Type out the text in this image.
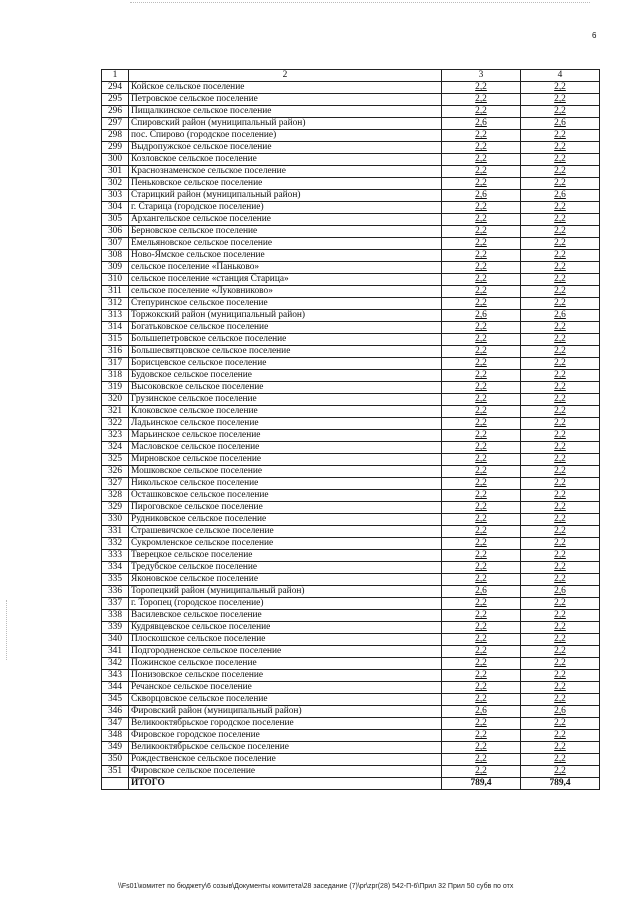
6
1	2	3	4
294	Койское сельское поселение	2,2	2,2
295	Петровское сельское поселение	2,2	2,2
296	Пищалкинское сельское поселение	2,2	2,2
297	Спировский район (муниципальный район)	2,6	2,6
298	пос. Спирово (городское поселение)	2,2	2,2
299	Выдропужское сельское поселение	2,2	2,2
300	Козловское сельское поселение	2,2	2,2
301	Краснознаменское сельское поселение	2,2	2,2
302	Пеньковское сельское поселение	2,2	2,2
303	Старицкий район (муниципальный район)	2,6	2,6
304	г. Старица (городское поселение)	2,2	2,2
305	Архангельское сельское поселение	2,2	2,2
306	Берновское сельское поселение	2,2	2,2
307	Емельяновское сельское поселение	2,2	2,2
308	Ново-Ямское сельское поселение	2,2	2,2
309	сельское поселение «Паньково»	2,2	2,2
310	сельское поселение «станция Старица»	2,2	2,2
311	сельское поселение «Луковниково»	2,2	2,2
312	Степуринское сельское поселение	2,2	2,2
313	Торжокский район (муниципальный район)	2,6	2,6
314	Богатьковское сельское поселение	2,2	2,2
315	Большепетровское сельское поселение	2,2	2,2
316	Большесвятцовское сельское поселение	2,2	2,2
317	Борисцевское сельское поселение	2,2	2,2
318	Будовское сельское поселение	2,2	2,2
319	Высоковское сельское поселение	2,2	2,2
320	Грузинское сельское поселение	2,2	2,2
321	Клоковское сельское поселение	2,2	2,2
322	Ладьинское сельское поселение	2,2	2,2
323	Марьинское сельское поселение	2,2	2,2
324	Масловское сельское поселение	2,2	2,2
325	Мирновское сельское поселение	2,2	2,2
326	Мошковское сельское поселение	2,2	2,2
327	Никольское сельское поселение	2,2	2,2
328	Осташковское сельское поселение	2,2	2,2
329	Пироговское сельское поселение	2,2	2,2
330	Рудниковское сельское поселение	2,2	2,2
331	Страшевичское сельское поселение	2,2	2,2
332	Сукромленское сельское поселение	2,2	2,2
333	Тверецкое сельское поселение	2,2	2,2
334	Тредубское сельское поселение	2,2	2,2
335	Яконовское сельское поселение	2,2	2,2
336	Торопецкий район (муниципальный район)	2,6	2,6
337	г. Торопец (городское поселение)	2,2	2,2
338	Василевское сельское поселение	2,2	2,2
339	Кудрявцевское сельское поселение	2,2	2,2
340	Плоскошское сельское поселение	2,2	2,2
341	Подгородненское сельское поселение	2,2	2,2
342	Пожинское сельское поселение	2,2	2,2
343	Понизовское сельское поселение	2,2	2,2
344	Речанское сельское поселение	2,2	2,2
345	Скворцовское сельское поселение	2,2	2,2
346	Фировский район (муниципальный район)	2,6	2,6
347	Великооктябрьское городское поселение	2,2	2,2
348	Фировское городское поселение	2,2	2,2
349	Великооктябрьское сельское поселение	2,2	2,2
350	Рождественское сельское поселение	2,2	2,2
351	Фировское сельское поселение	2,2	2,2
	ИТОГО	789,4	789,4
\\Fs01\комитет по бюджету\6 созыв\Документы комитета\28 заседание (7)\pr\zpr(28) 542-П-6\Прил 32 Прил 50 субв по отх
